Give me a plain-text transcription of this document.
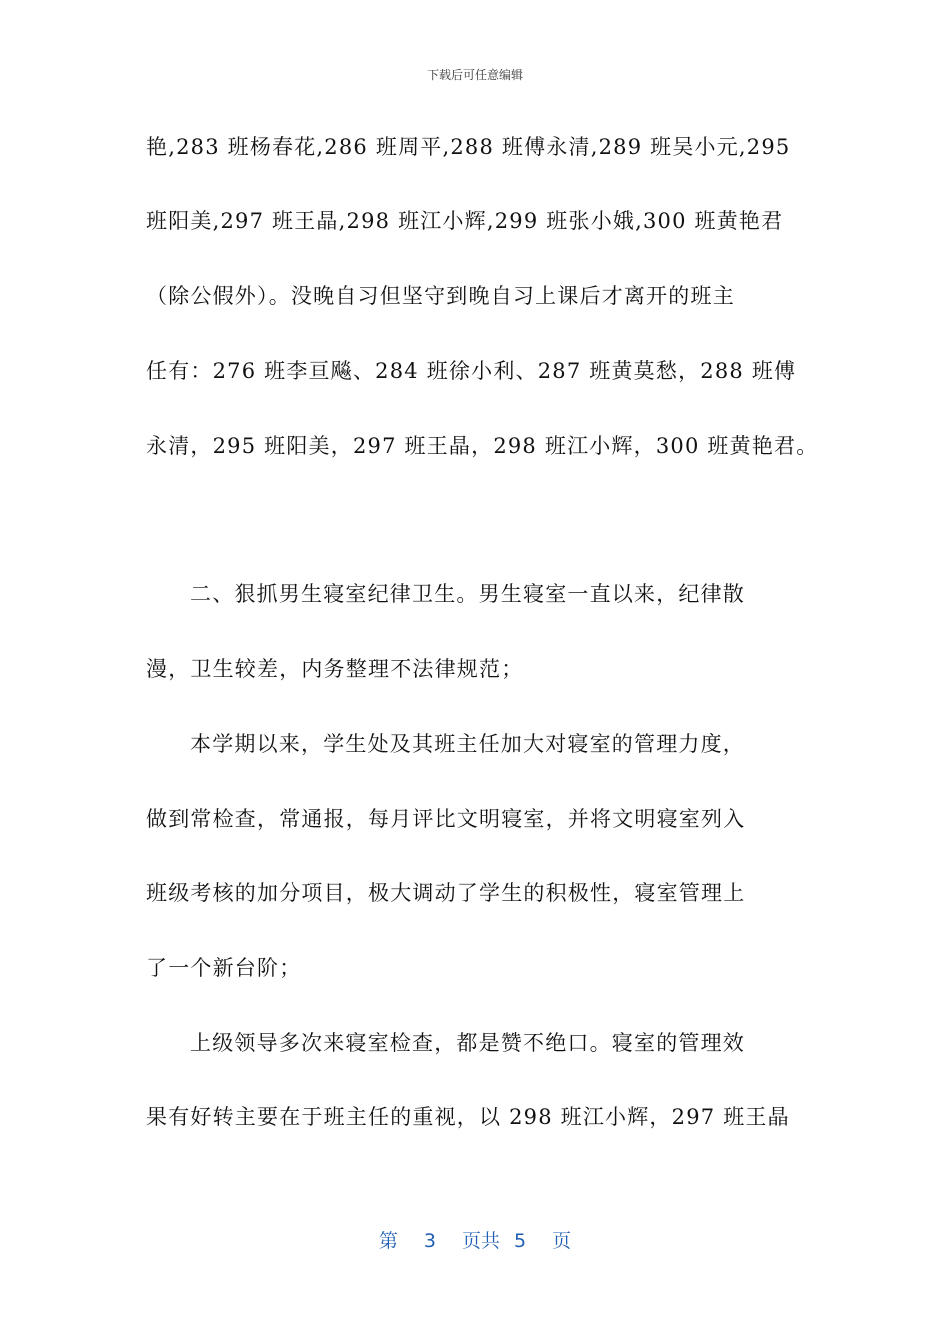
下载后可任意编辑
艳,283 班杨春花,286 班周平,288 班傅永清,289 班吴小元,295
班阳美,297 班王晶,298 班江小辉,299 班张小娥,300 班黄艳君
（除公假外）。没晚自习但坚守到晚自习上课后才离开的班主
任有：276 班李亘飚、284 班徐小利、287 班黄莫愁，288 班傅
永清，295 班阳美，297 班王晶，298 班江小辉，300 班黄艳君。
二、狠抓男生寝室纪律卫生。男生寝室一直以来，纪律散
漫，卫生较差，内务整理不法律规范；
本学期以来，学生处及其班主任加大对寝室的管理力度，
做到常检查，常通报，每月评比文明寝室，并将文明寝室列入
班级考核的加分项目，极大调动了学生的积极性，寝室管理上
了一个新台阶；
上级领导多次来寝室检查，都是赞不绝口。寝室的管理效
果有好转主要在于班主任的重视，以 298 班江小辉，297 班王晶
第 3 页共 5 页
